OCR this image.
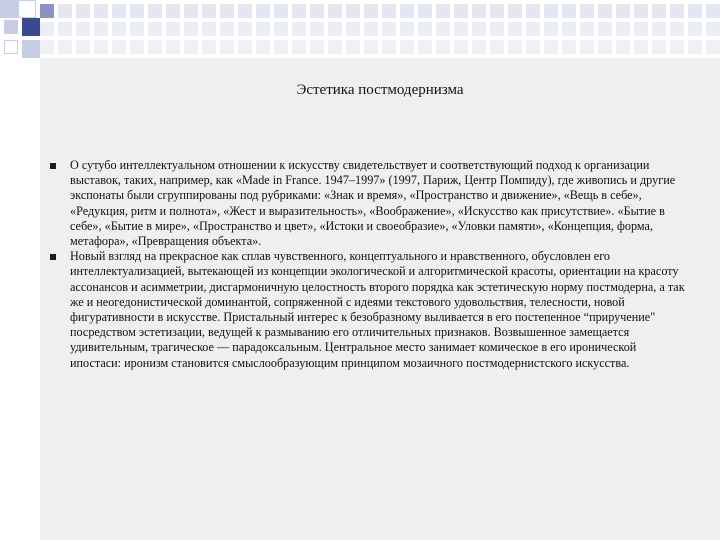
Эстетика постмодернизма
О сутубо интеллектуальном отношении к искусству свидетельствует и соответствующий подход к организации выставок, таких, например, как «Made in France. 1947–1997» (1997, Париж, Центр Помпиду), где живопись и другие экспонаты были сгруппированы под рубриками: «Знак и время», «Пространство и движение», «Вещь в себе», «Редукция, ритм и полнота», «Жест и выразительность», «Воображение», «Искусство как присутствие». «Бытие в себе», «Бытие в мире», «Пространство и цвет», «Истоки и своеобразие», «Уловки памяти», «Концепция, форма, метафора», «Превращения объекта».
Новый взгляд на прекрасное как сплав чувственного, концептуального и нравственного, обусловлен его интеллектуализацией, вытекающей из концепции экологической и алгоритмической красоты, ориентации на красоту ассонансов и асимметрии, дисгармоничную целостность второго порядка как эстетическую норму постмодерна, а так же и неогедонистической доминантой, сопряженной с идеями текстового удовольствия, телесности, новой фигуративности в искусстве. Пристальный интерес к безобразному выливается в его постепенное “приручение" посредством эстетизации, ведущей к размыванию его отличительных признаков. Возвышенное замещается удивительным, трагическое — парадоксальным. Центральное место занимает комическое в его иронической ипостаси: иронизм становится смыслообразующим принципом мозаичного постмодернистского искусства.
